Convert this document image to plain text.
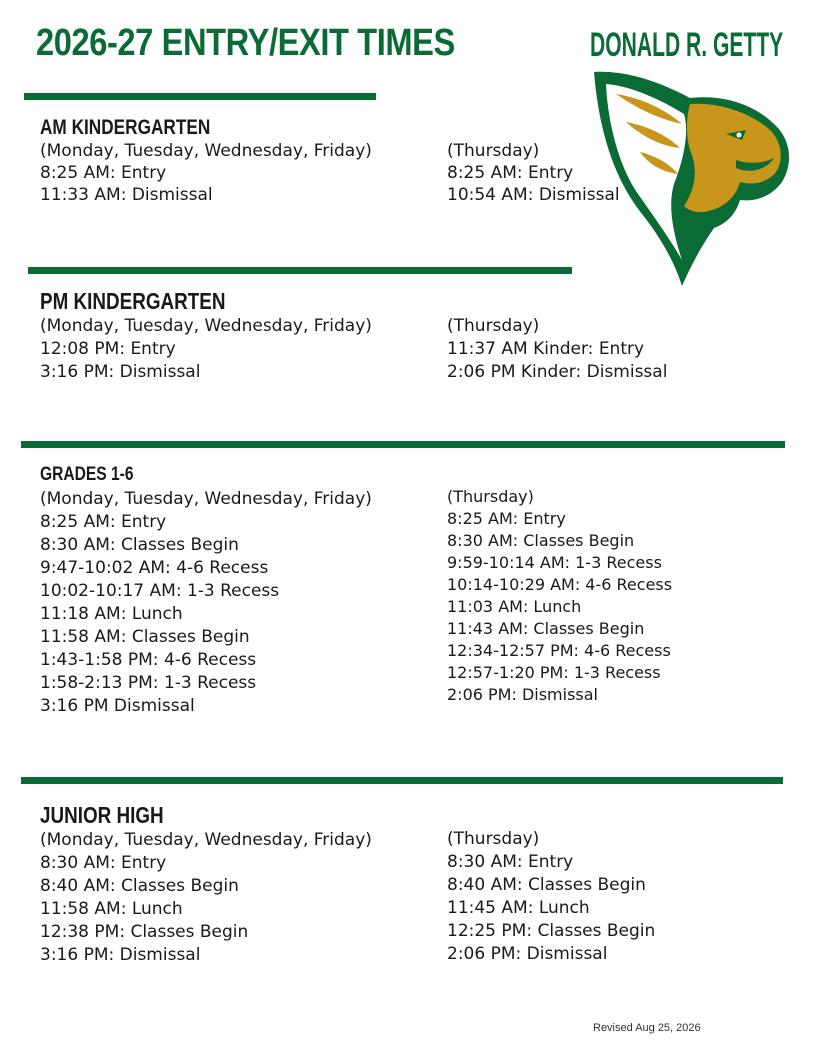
2026-27 ENTRY/EXIT TIMES	DONALD R. GETTY
AM KINDERGARTEN
(Monday, Tuesday, Wednesday, Friday)
8:25 AM: Entry
11:33 AM: Dismissal
(Thursday)
8:25 AM: Entry
10:54 AM: Dismissal
PM KINDERGARTEN
(Monday, Tuesday, Wednesday, Friday)
12:08 PM: Entry
3:16 PM: Dismissal
(Thursday)
11:37 AM Kinder: Entry
2:06 PM Kinder: Dismissal
GRADES 1-6
(Monday, Tuesday, Wednesday, Friday)
8:25 AM: Entry
8:30 AM: Classes Begin
9:47-10:02 AM: 4-6 Recess
10:02-10:17 AM: 1-3 Recess
11:18 AM: Lunch
11:58 AM: Classes Begin
1:43-1:58 PM: 4-6 Recess
1:58-2:13 PM: 1-3 Recess
3:16 PM Dismissal
(Thursday)
8:25 AM: Entry
8:30 AM: Classes Begin
9:59-10:14 AM: 1-3 Recess
10:14-10:29 AM: 4-6 Recess
11:03 AM: Lunch
11:43 AM: Classes Begin
12:34-12:57 PM: 4-6 Recess
12:57-1:20 PM: 1-3 Recess
2:06 PM: Dismissal
JUNIOR HIGH
(Monday, Tuesday, Wednesday, Friday)
8:30 AM: Entry
8:40 AM: Classes Begin
11:58 AM: Lunch
12:38 PM: Classes Begin
3:16 PM: Dismissal
(Thursday)
8:30 AM: Entry
8:40 AM: Classes Begin
11:45 AM: Lunch
12:25 PM: Classes Begin
2:06 PM: Dismissal
Revised Aug 25, 2026
